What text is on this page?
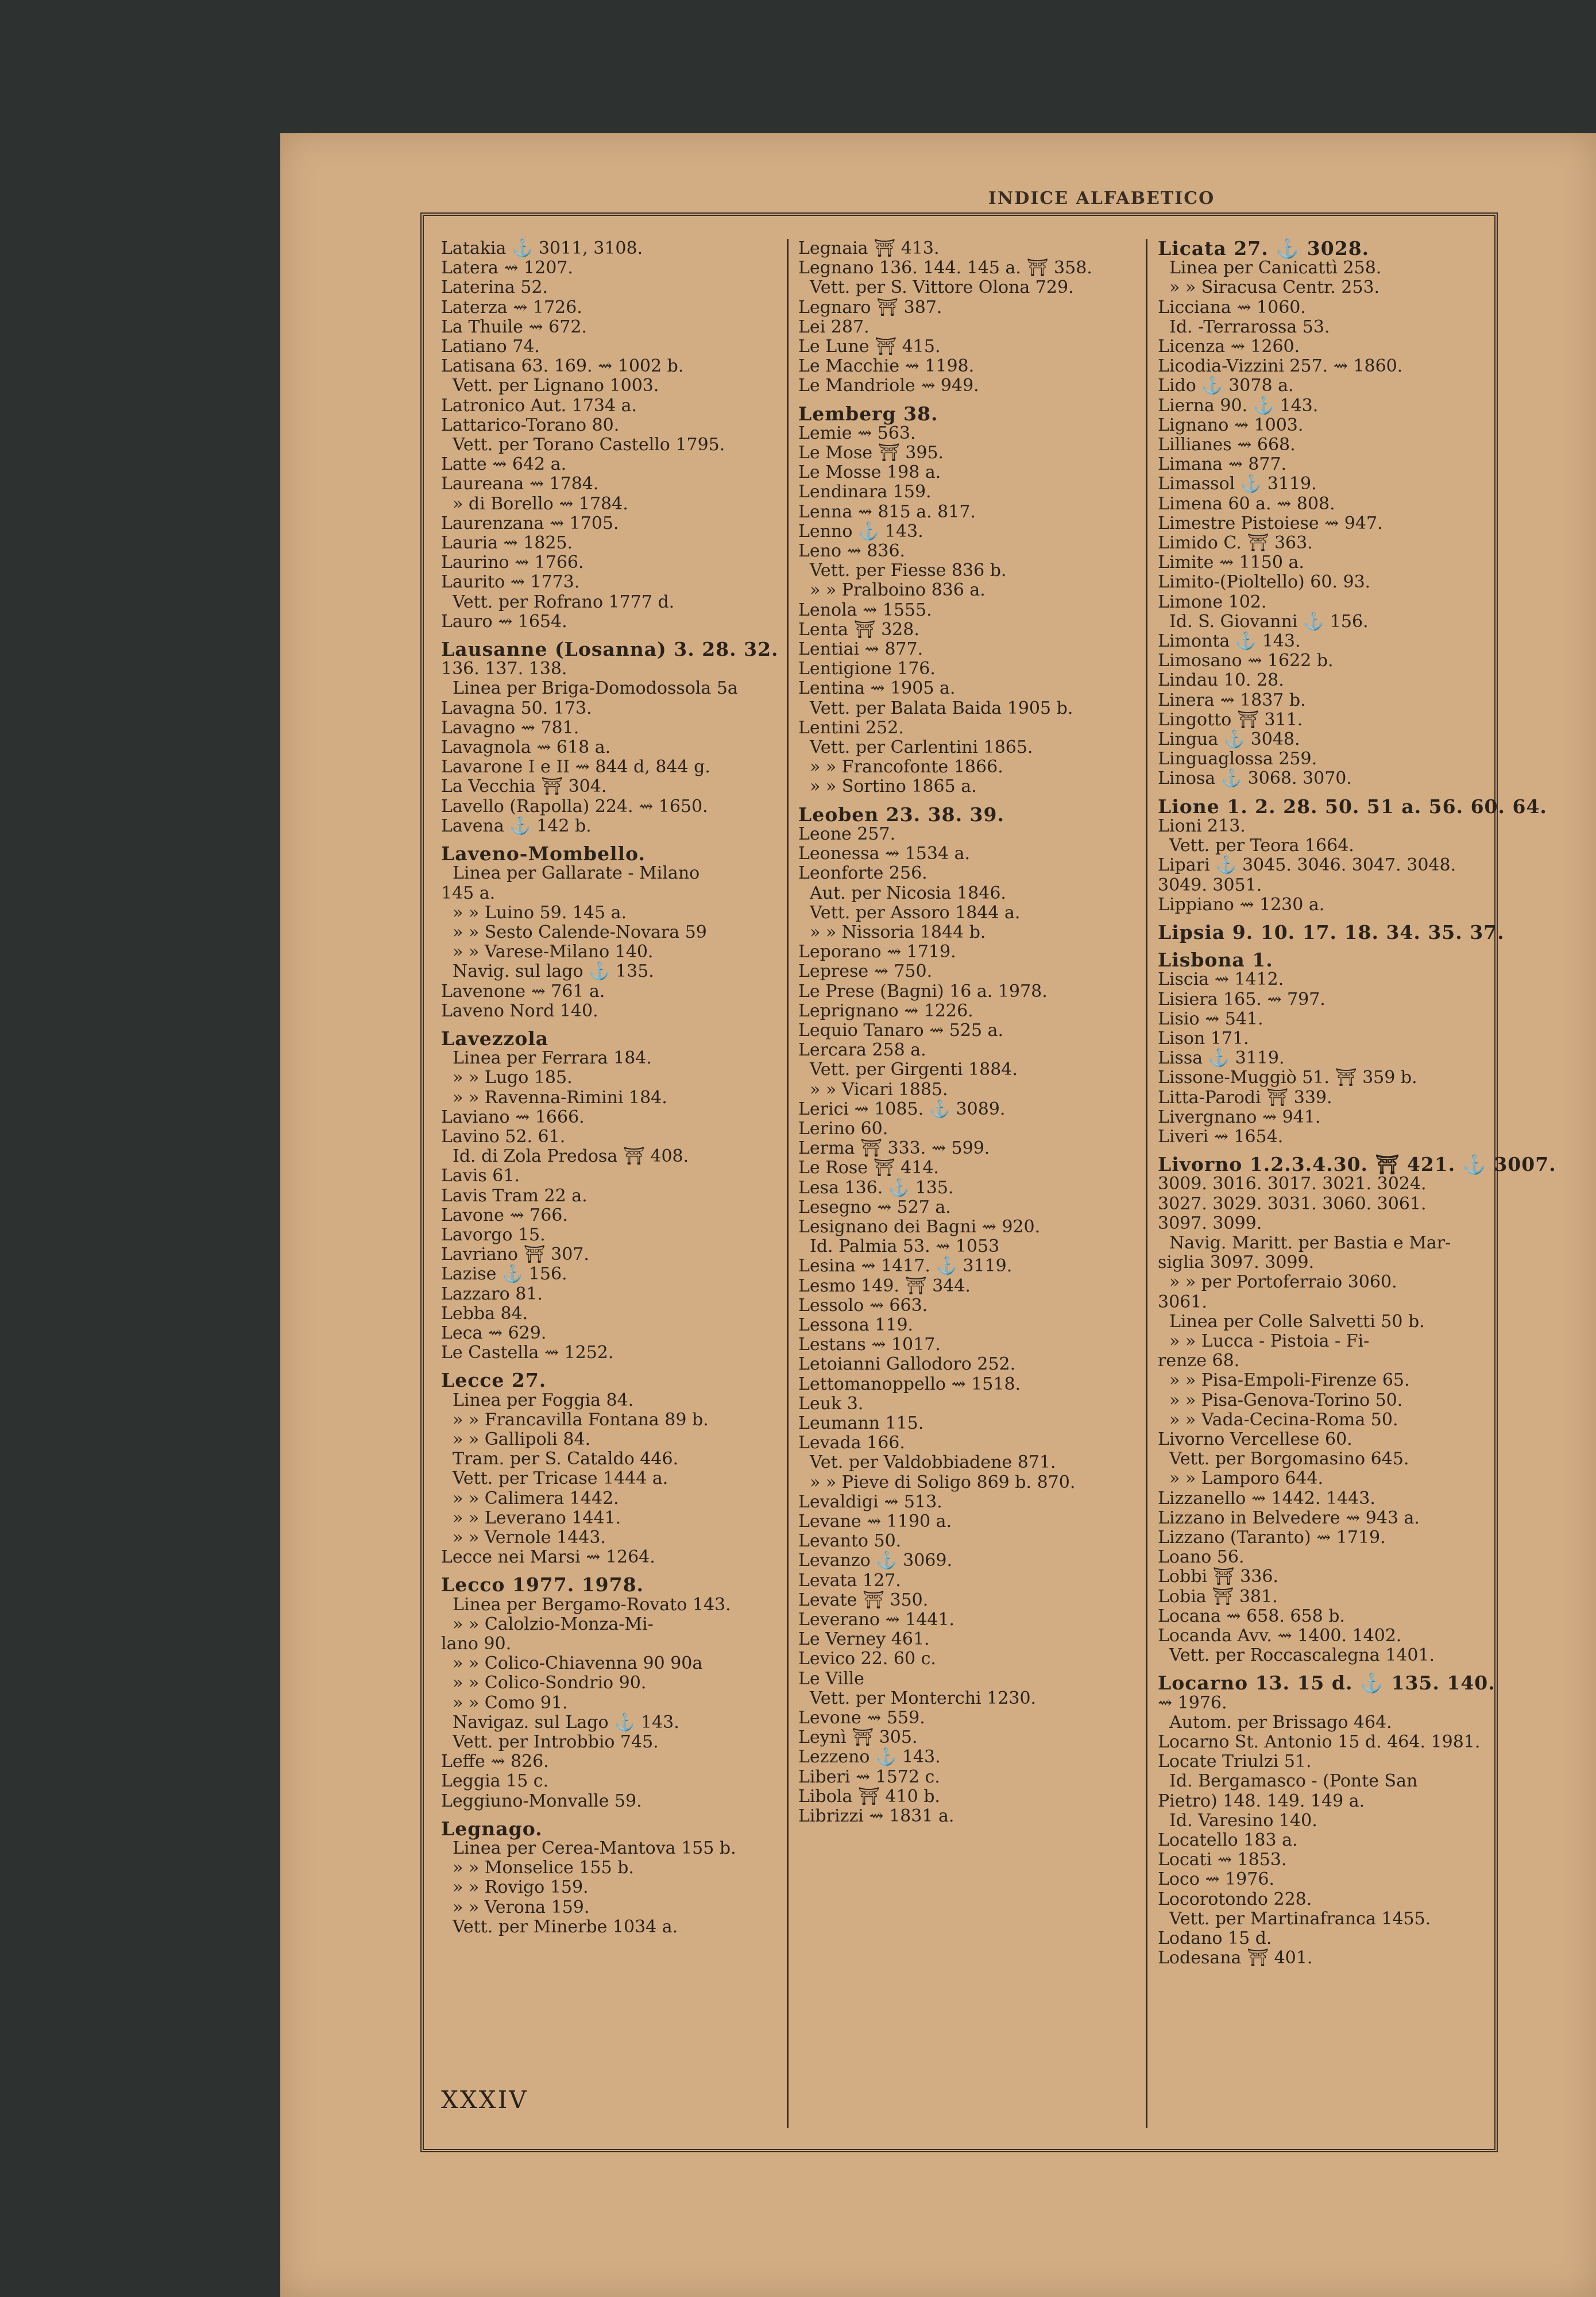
INDICE ALFABETICO
Latakia ⚓ 3011, 3108.
Latera ⇝ 1207.
Laterina 52.
Laterza ⇝ 1726.
La Thuile ⇝ 672.
Latiano 74.
Latisana 63. 169. ⇝ 1002 b.
Vett. per Lignano 1003.
Latronico Aut. 1734 a.
Lattarico-Torano 80.
Vett. per Torano Castello 1795.
Latte ⇝ 642 a.
Laureana ⇝ 1784.
» di Borello ⇝ 1784.
Laurenzana ⇝ 1705.
Lauria ⇝ 1825.
Laurino ⇝ 1766.
Laurito ⇝ 1773.
Vett. per Rofrano 1777 d.
Lauro ⇝ 1654.
Lausanne (Losanna) 3. 28. 32.
136. 137. 138.
Linea per Briga-Domodossola 5a
Lavagna 50. 173.
Lavagno ⇝ 781.
Lavagnola ⇝ 618 a.
Lavarone I e II ⇝ 844 d, 844 g.
La Vecchia ⛩ 304.
Lavello (Rapolla) 224. ⇝ 1650.
Lavena ⚓ 142 b.
Laveno-Mombello.
Linea per Gallarate - Milano
145 a.
» » Luino 59. 145 a.
» » Sesto Calende-Novara 59
» » Varese-Milano 140.
Navig. sul lago ⚓ 135.
Lavenone ⇝ 761 a.
Laveno Nord 140.
Lavezzola
Linea per Ferrara 184.
» » Lugo 185.
» » Ravenna-Rimini 184.
Laviano ⇝ 1666.
Lavino 52. 61.
Id. di Zola Predosa ⛩ 408.
Lavis 61.
Lavis Tram 22 a.
Lavone ⇝ 766.
Lavorgo 15.
Lavriano ⛩ 307.
Lazise ⚓ 156.
Lazzaro 81.
Lebba 84.
Leca ⇝ 629.
Le Castella ⇝ 1252.
Lecce 27.
Linea per Foggia 84.
» » Francavilla Fontana 89 b.
» » Gallipoli 84.
Tram. per S. Cataldo 446.
Vett. per Tricase 1444 a.
» » Calimera 1442.
» » Leverano 1441.
» » Vernole 1443.
Lecce nei Marsi ⇝ 1264.
Lecco 1977. 1978.
Linea per Bergamo-Rovato 143.
» » Calolzio-Monza-Mi-
lano 90.
» » Colico-Chiavenna 90 90a
» » Colico-Sondrio 90.
» » Como 91.
Navigaz. sul Lago ⚓ 143.
Vett. per Introbbio 745.
Leffe ⇝ 826.
Leggia 15 c.
Leggiuno-Monvalle 59.
Legnago.
Linea per Cerea-Mantova 155 b.
» » Monselice 155 b.
» » Rovigo 159.
» » Verona 159.
Vett. per Minerbe 1034 a.
Legnaia ⛩ 413.
Legnano 136. 144. 145 a. ⛩ 358.
Vett. per S. Vittore Olona 729.
Legnaro ⛩ 387.
Lei 287.
Le Lune ⛩ 415.
Le Macchie ⇝ 1198.
Le Mandriole ⇝ 949.
Lemberg 38.
Lemie ⇝ 563.
Le Mose ⛩ 395.
Le Mosse 198 a.
Lendinara 159.
Lenna ⇝ 815 a. 817.
Lenno ⚓ 143.
Leno ⇝ 836.
Vett. per Fiesse 836 b.
» » Pralboino 836 a.
Lenola ⇝ 1555.
Lenta ⛩ 328.
Lentiai ⇝ 877.
Lentigione 176.
Lentina ⇝ 1905 a.
Vett. per Balata Baida 1905 b.
Lentini 252.
Vett. per Carlentini 1865.
» » Francofonte 1866.
» » Sortino 1865 a.
Leoben 23. 38. 39.
Leone 257.
Leonessa ⇝ 1534 a.
Leonforte 256.
Aut. per Nicosia 1846.
Vett. per Assoro 1844 a.
» » Nissoria 1844 b.
Leporano ⇝ 1719.
Leprese ⇝ 750.
Le Prese (Bagni) 16 a. 1978.
Leprignano ⇝ 1226.
Lequio Tanaro ⇝ 525 a.
Lercara 258 a.
Vett. per Girgenti 1884.
» » Vicari 1885.
Lerici ⇝ 1085. ⚓ 3089.
Lerino 60.
Lerma ⛩ 333. ⇝ 599.
Le Rose ⛩ 414.
Lesa 136. ⚓ 135.
Lesegno ⇝ 527 a.
Lesignano dei Bagni ⇝ 920.
Id. Palmia 53. ⇝ 1053
Lesina ⇝ 1417. ⚓ 3119.
Lesmo 149. ⛩ 344.
Lessolo ⇝ 663.
Lessona 119.
Lestans ⇝ 1017.
Letoianni Gallodoro 252.
Lettomanoppello ⇝ 1518.
Leuk 3.
Leumann 115.
Levada 166.
Vet. per Valdobbiadene 871.
» » Pieve di Soligo 869 b. 870.
Levaldigi ⇝ 513.
Levane ⇝ 1190 a.
Levanto 50.
Levanzo ⚓ 3069.
Levata 127.
Levate ⛩ 350.
Leverano ⇝ 1441.
Le Verney 461.
Levico 22. 60 c.
Le Ville
Vett. per Monterchi 1230.
Levone ⇝ 559.
Leynì ⛩ 305.
Lezzeno ⚓ 143.
Liberi ⇝ 1572 c.
Libola ⛩ 410 b.
Librizzi ⇝ 1831 a.
Licata 27. ⚓ 3028.
Linea per Canicattì 258.
» » Siracusa Centr. 253.
Licciana ⇝ 1060.
Id. -Terrarossa 53.
Licenza ⇝ 1260.
Licodia-Vizzini 257. ⇝ 1860.
Lido ⚓ 3078 a.
Lierna 90. ⚓ 143.
Lignano ⇝ 1003.
Lillianes ⇝ 668.
Limana ⇝ 877.
Limassol ⚓ 3119.
Limena 60 a. ⇝ 808.
Limestre Pistoiese ⇝ 947.
Limido C. ⛩ 363.
Limite ⇝ 1150 a.
Limito-(Pioltello) 60. 93.
Limone 102.
Id. S. Giovanni ⚓ 156.
Limonta ⚓ 143.
Limosano ⇝ 1622 b.
Lindau 10. 28.
Linera ⇝ 1837 b.
Lingotto ⛩ 311.
Lingua ⚓ 3048.
Linguaglossa 259.
Linosa ⚓ 3068. 3070.
Lione 1. 2. 28. 50. 51 a. 56. 60. 64.
Lioni 213.
Vett. per Teora 1664.
Lipari ⚓ 3045. 3046. 3047. 3048.
3049. 3051.
Lippiano ⇝ 1230 a.
Lipsia 9. 10. 17. 18. 34. 35. 37.
Lisbona 1.
Liscia ⇝ 1412.
Lisiera 165. ⇝ 797.
Lisio ⇝ 541.
Lison 171.
Lissa ⚓ 3119.
Lissone-Muggiò 51. ⛩ 359 b.
Litta-Parodi ⛩ 339.
Livergnano ⇝ 941.
Liveri ⇝ 1654.
Livorno 1.2.3.4.30. ⛩ 421. ⚓ 3007.
3009. 3016. 3017. 3021. 3024.
3027. 3029. 3031. 3060. 3061.
3097. 3099.
Navig. Maritt. per Bastia e Mar-
siglia 3097. 3099.
» » per Portoferraio 3060.
3061.
Linea per Colle Salvetti 50 b.
» » Lucca - Pistoia - Fi-
renze 68.
» » Pisa-Empoli-Firenze 65.
» » Pisa-Genova-Torino 50.
» » Vada-Cecina-Roma 50.
Livorno Vercellese 60.
Vett. per Borgomasino 645.
» » Lamporo 644.
Lizzanello ⇝ 1442. 1443.
Lizzano in Belvedere ⇝ 943 a.
Lizzano (Taranto) ⇝ 1719.
Loano 56.
Lobbi ⛩ 336.
Lobia ⛩ 381.
Locana ⇝ 658. 658 b.
Locanda Avv. ⇝ 1400. 1402.
Vett. per Roccascalegna 1401.
Locarno 13. 15 d. ⚓ 135. 140.
⇝ 1976.
Autom. per Brissago 464.
Locarno St. Antonio 15 d. 464. 1981.
Locate Triulzi 51.
Id. Bergamasco - (Ponte San
Pietro) 148. 149. 149 a.
Id. Varesino 140.
Locatello 183 a.
Locati ⇝ 1853.
Loco ⇝ 1976.
Locorotondo 228.
Vett. per Martinafranca 1455.
Lodano 15 d.
Lodesana ⛩ 401.
XXXIV
